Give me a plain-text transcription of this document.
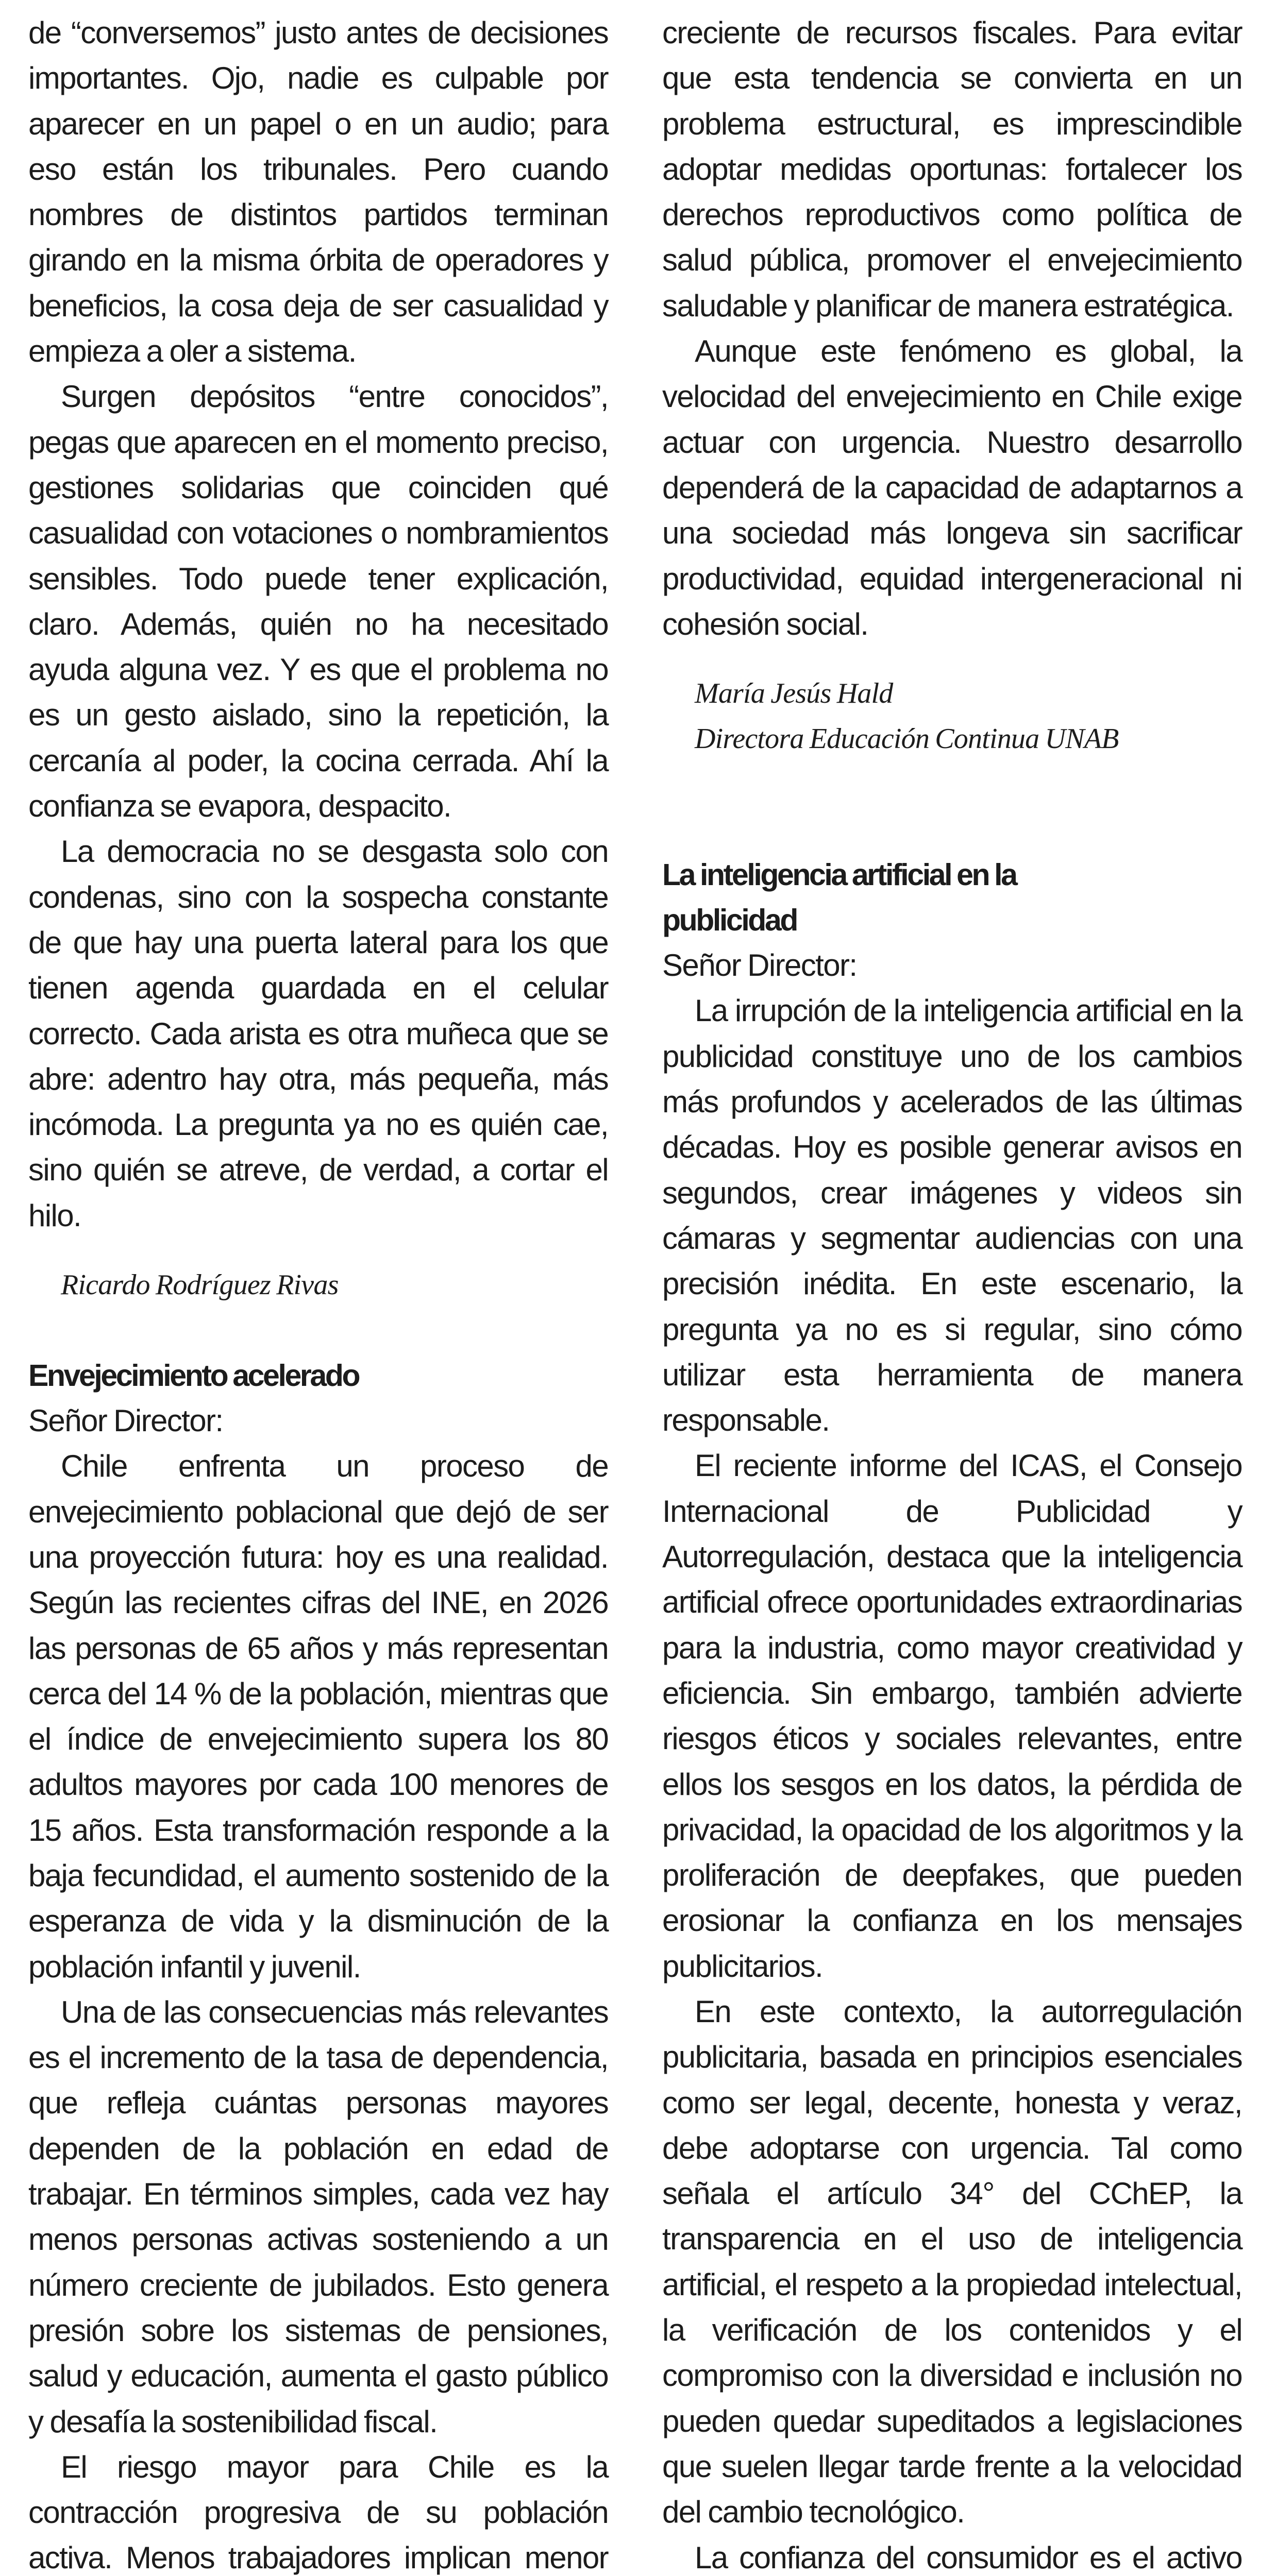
de “conversemos” justo antes de decisiones importantes. Ojo, nadie es culpable por aparecer en un papel o en un audio; para eso están los tribunales. Pero cuando nombres de distintos partidos terminan girando en la misma órbita de operadores y beneficios, la cosa deja de ser casualidad y empieza a oler a sistema.

Surgen depósitos “entre conocidos”, pegas que aparecen en el momento preciso, gestiones solidarias que coinciden qué casualidad con votaciones o nombramientos sensibles. Todo puede tener explicación, claro. Además, quién no ha necesitado ayuda alguna vez. Y es que el problema no es un gesto aislado, sino la repetición, la cercanía al poder, la cocina cerrada. Ahí la confianza se evapora, despacito.

La democracia no se desgasta solo con condenas, sino con la sospecha constante de que hay una puerta lateral para los que tienen agenda guardada en el celular correcto. Cada arista es otra muñeca que se abre: adentro hay otra, más pequeña, más incómoda. La pregunta ya no es quién cae, sino quién se atreve, de verdad, a cortar el hilo.

Ricardo Rodríguez Rivas

Envejecimiento acelerado
Señor Director:

Chile enfrenta un proceso de envejecimiento poblacional que dejó de ser una proyección futura: hoy es una realidad. Según las recientes cifras del INE, en 2026 las personas de 65 años y más representan cerca del 14 % de la población, mientras que el índice de envejecimiento supera los 80 adultos mayores por cada 100 menores de 15 años. Esta transformación responde a la baja fecundidad, el aumento sostenido de la esperanza de vida y la disminución de la población infantil y juvenil.

Una de las consecuencias más relevantes es el incremento de la tasa de dependencia, que refleja cuántas personas mayores dependen de la población en edad de trabajar. En términos simples, cada vez hay menos personas activas sosteniendo a un número creciente de jubilados. Esto genera presión sobre los sistemas de pensiones, salud y educación, aumenta el gasto público y desafía la sostenibilidad fiscal.

El riesgo mayor para Chile es la contracción progresiva de su población activa. Menos trabajadores implican menor

creciente de recursos fiscales. Para evitar que esta tendencia se convierta en un problema estructural, es imprescindible adoptar medidas oportunas: fortalecer los derechos reproductivos como política de salud pública, promover el envejecimiento saludable y planificar de manera estratégica.

Aunque este fenómeno es global, la velocidad del envejecimiento en Chile exige actuar con urgencia. Nuestro desarrollo dependerá de la capacidad de adaptarnos a una sociedad más longeva sin sacrificar productividad, equidad intergeneracional ni cohesión social.

María Jesús Hald

Directora Educación Continua UNAB

La inteligencia artificial en la publicidad
Señor Director:

La irrupción de la inteligencia artificial en la publicidad constituye uno de los cambios más profundos y acelerados de las últimas décadas. Hoy es posible generar avisos en segundos, crear imágenes y videos sin cámaras y segmentar audiencias con una precisión inédita. En este escenario, la pregunta ya no es si regular, sino cómo utilizar esta herramienta de manera responsable.

El reciente informe del ICAS, el Consejo Internacional de Publicidad y Autorregulación, destaca que la inteligencia artificial ofrece oportunidades extraordinarias para la industria, como mayor creatividad y eficiencia. Sin embargo, también advierte riesgos éticos y sociales relevantes, entre ellos los sesgos en los datos, la pérdida de privacidad, la opacidad de los algoritmos y la proliferación de deepfakes, que pueden erosionar la confianza en los mensajes publicitarios.

En este contexto, la autorregulación publicitaria, basada en principios esenciales como ser legal, decente, honesta y veraz, debe adoptarse con urgencia. Tal como señala el artículo 34° del CChEP, la transparencia en el uso de inteligencia artificial, el respeto a la propiedad intelectual, la verificación de los contenidos y el compromiso con la diversidad e inclusión no pueden quedar supeditados a legislaciones que suelen llegar tarde frente a la velocidad del cambio tecnológico.

La confianza del consumidor es el activo
